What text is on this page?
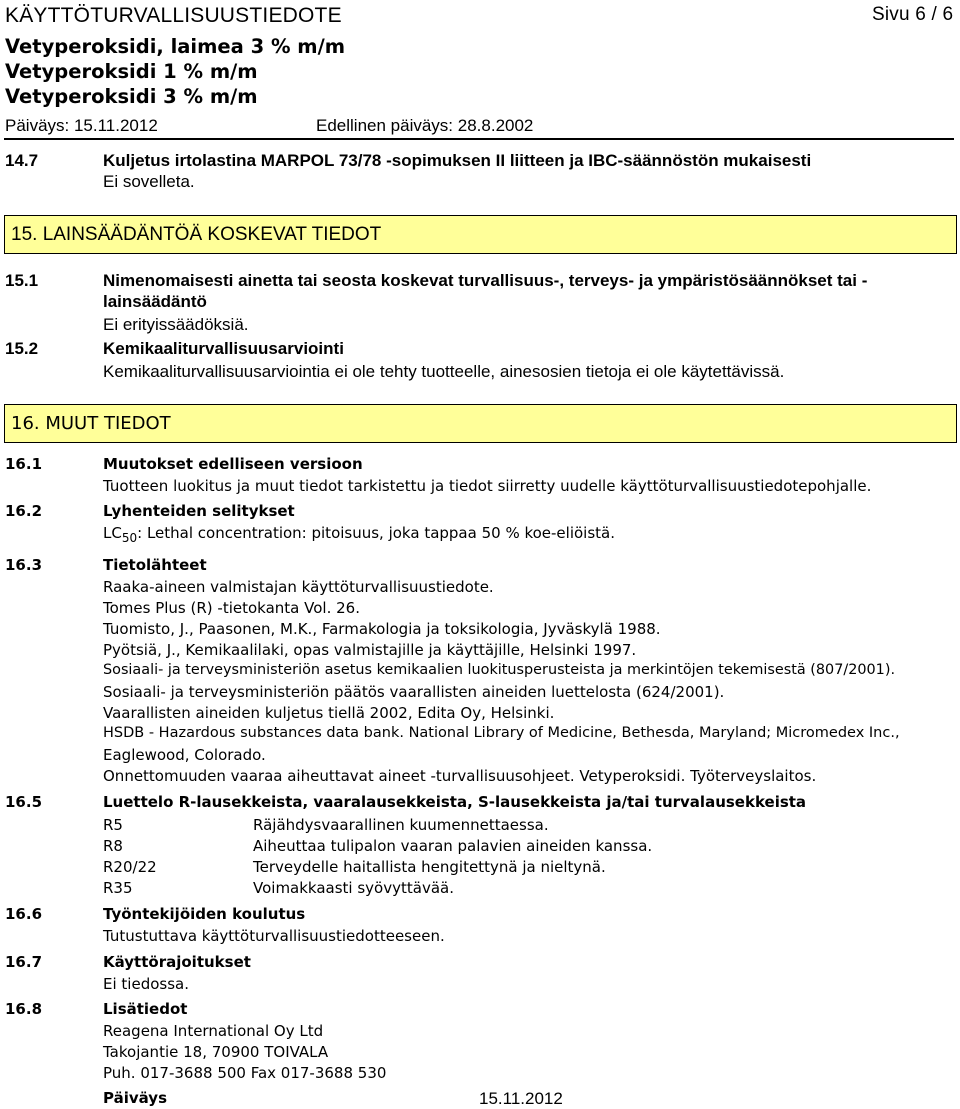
KÄYTTÖTURVALLISUUSTIEDOTE	Sivu 6 / 6
Vetyperoksidi, laimea 3 % m/m
Vetyperoksidi 1 % m/m
Vetyperoksidi 3 % m/m
Päiväys: 15.11.2012	Edellinen päiväys: 28.8.2002
14.7	Kuljetus irtolastina MARPOL 73/78 -sopimuksen II liitteen ja IBC-säännöstön mukaisesti
Ei sovelleta.
15. LAINSÄÄDÄNTÖÄ KOSKEVAT TIEDOT
15.1	Nimenomaisesti ainetta tai seosta koskevat turvallisuus-, terveys- ja ympäristösäännökset tai -
lainsäädäntö
Ei erityissäädöksiä.
15.2	Kemikaaliturvallisuusarviointi
Kemikaaliturvallisuusarviointia ei ole tehty tuotteelle, ainesosien tietoja ei ole käytettävissä.
16. MUUT TIEDOT
16.1	Muutokset edelliseen versioon
Tuotteen luokitus ja muut tiedot tarkistettu ja tiedot siirretty uudelle käyttöturvallisuustiedotepohjalle.
16.2	Lyhenteiden selitykset
$LC_{50}$: Lethal concentration: pitoisuus, joka tappaa 50 % koe-eliöistä.
16.3	Tietolähteet
Raaka-aineen valmistajan käyttöturvallisuustiedote.
Tomes Plus (R) -tietokanta Vol. 26.
Tuomisto, J., Paasonen, M.K., Farmakologia ja toksikologia, Jyväskylä 1988.
Pyötsiä, J., Kemikaalilaki, opas valmistajille ja käyttäjille, Helsinki 1997.
Sosiaali- ja terveysministeriön asetus kemikaalien luokitusperusteista ja merkintöjen tekemisestä (807/2001).
Sosiaali- ja terveysministeriön päätös vaarallisten aineiden luettelosta (624/2001).
Vaarallisten aineiden kuljetus tiellä 2002, Edita Oy, Helsinki.
HSDB - Hazardous substances data bank. National Library of Medicine, Bethesda, Maryland; Micromedex Inc.,
Eaglewood, Colorado.
Onnettomuuden vaaraa aiheuttavat aineet -turvallisuusohjeet. Vetyperoksidi. Työterveyslaitos.
16.5	Luettelo R-lausekkeista, vaaralausekkeista, S-lausekkeista ja/tai turvalausekkeista
R5	Räjähdysvaarallinen kuumennettaessa.
R8	Aiheuttaa tulipalon vaaran palavien aineiden kanssa.
R20/22	Terveydelle haitallista hengitettynä ja nieltynä.
R35	Voimakkaasti syövyttävää.
16.6	Työntekijöiden koulutus
Tutustuttava käyttöturvallisuustiedotteeseen.
16.7	Käyttörajoitukset
Ei tiedossa.
16.8	Lisätiedot
Reagena International Oy Ltd
Takojantie 18, 70900 TOIVALA
Puh. 017-3688 500 Fax 017-3688 530
Päiväys	15.11.2012
